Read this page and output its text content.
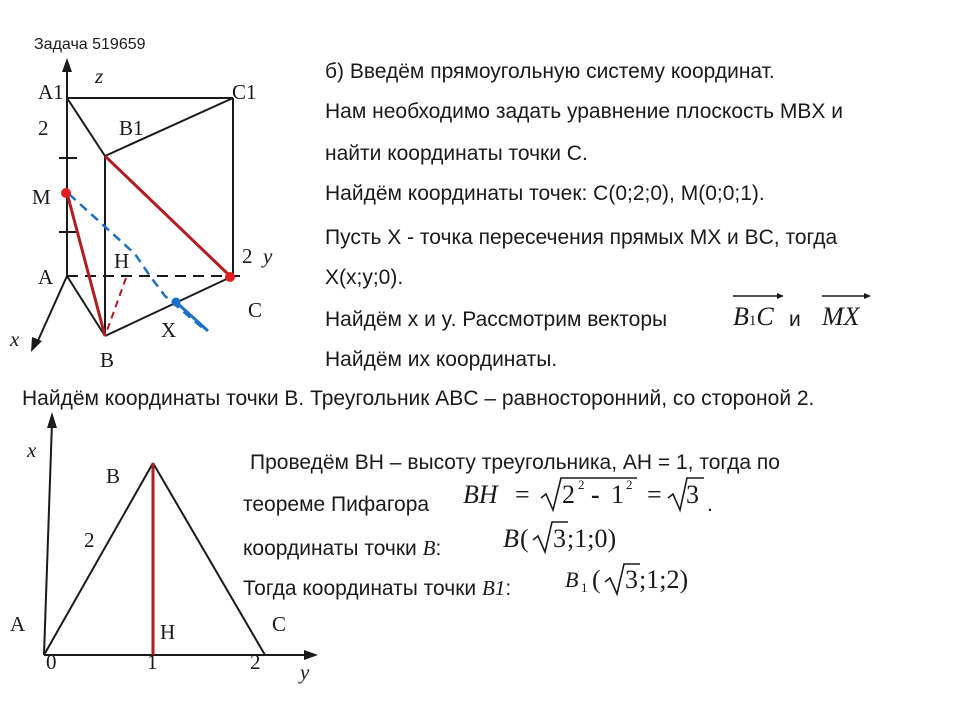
Задача 519659
б) Введём прямоугольную систему координат.
Нам необходимо задать уравнение плоскость MBX и
найти координаты точки C.
Найдём координаты точек: C(0;2;0), M(0;0;1).
Пусть X - точка пересечения прямых MX и BC, тогда
X(x;y;0).
Найдём x и y. Рассмотрим векторы	и
Найдём их координаты.
B1C MX
Найдём координаты точки B. Треугольник ABC – равносторонний, со стороной 2.
Проведём BH – высоту треугольника, AH = 1, тогда по
теореме Пифагора	.
координаты точки B:
Тогда координаты точки B1:
BH = 2 2 - 1 2 = 3
B ( 3 ;1;0)
B 1 ( 3 ;1;2)
A1
z
C1
2	B1
M
2 y
H
A
C
X
x
B
x
B
2
A	C
H
0	1	2 y
